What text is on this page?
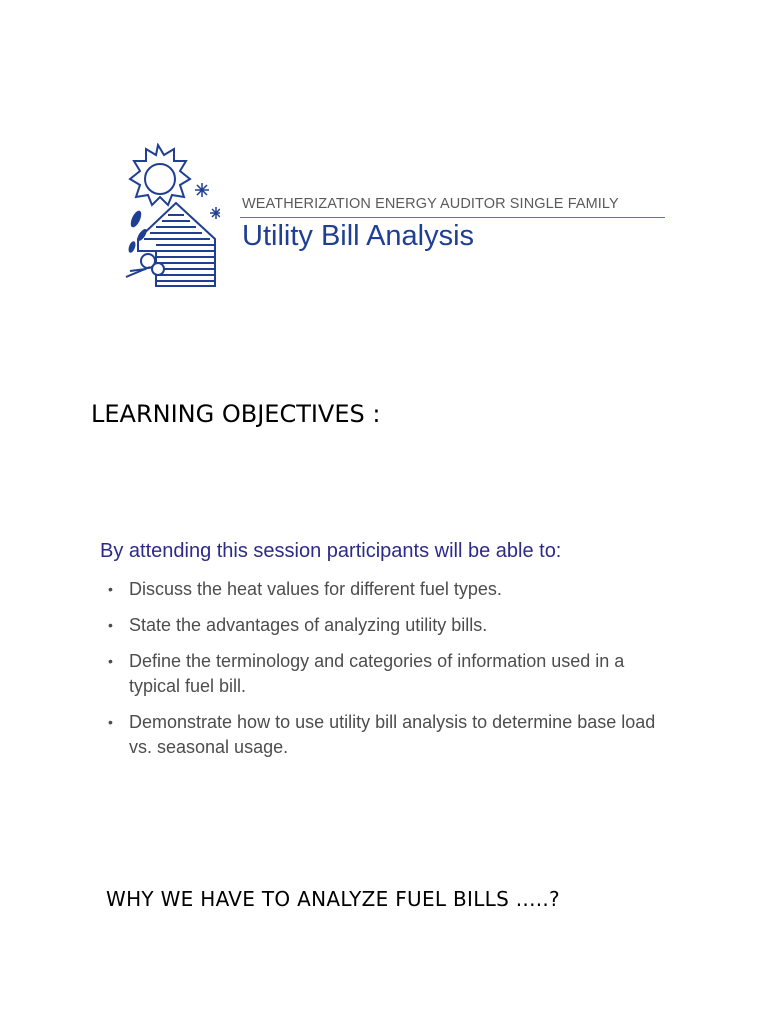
WEATHERIZATION ENERGY AUDITOR SINGLE FAMILY
Utility Bill Analysis
LEARNING OBJECTIVES :
By attending this session participants will be able to:
• Discuss the heat values for different fuel types.
• State the advantages of analyzing utility bills.
• Define the terminology and categories of information used in a typical fuel bill.
• Demonstrate how to use utility bill analysis to determine base load vs. seasonal usage.
WHY WE HAVE TO ANALYZE FUEL BILLS .....?
